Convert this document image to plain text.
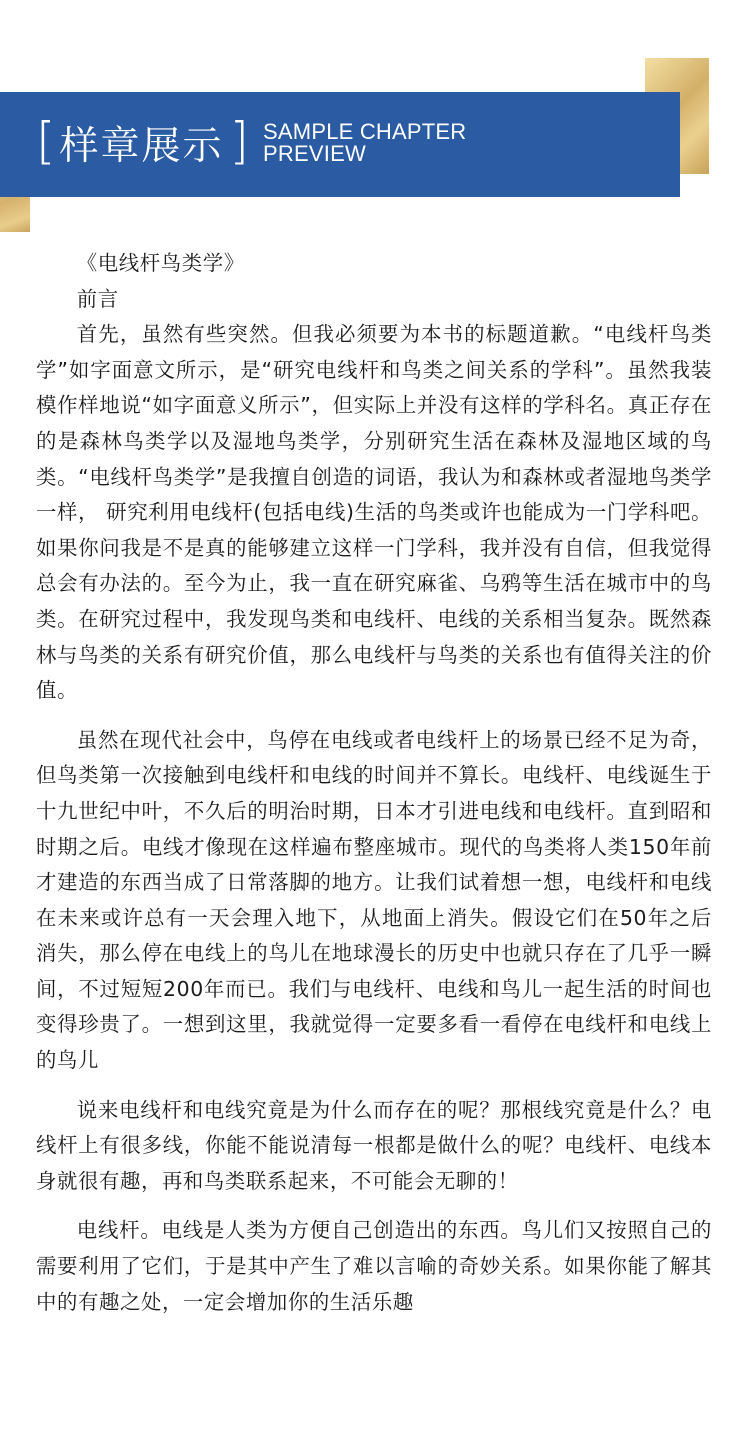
[ 样章展示 ] SAMPLE CHAPTER
PREVIEW

《电线杆鸟类学》

前言

首先，虽然有些突然。但我必须要为本书的标题道歉。“电线杆鸟类学”如字面意文所示，是“研究电线杆和鸟类之间关系的学科”。虽然我装模作样地说“如字面意义所示”，但实际上并没有这样的学科名。真正存在的是森林鸟类学以及湿地鸟类学，分别研究生活在森林及湿地区域的鸟类。“电线杆鸟类学”是我擅自创造的词语，我认为和森林或者湿地鸟类学一样， 研究利用电线杆(包括电线)生活的鸟类或许也能成为一门学科吧。如果你问我是不是真的能够建立这样一门学科，我并没有自信，但我觉得总会有办法的。至今为止，我一直在研究麻雀、乌鸦等生活在城市中的鸟类。在研究过程中，我发现鸟类和电线杆、电线的关系相当复杂。既然森林与鸟类的关系有研究价值，那么电线杆与鸟类的关系也有值得关注的价值。

虽然在现代社会中，鸟停在电线或者电线杆上的场景已经不足为奇，但鸟类第一次接触到电线杆和电线的时间并不算长。电线杆、电线诞生于十九世纪中叶，不久后的明治时期，日本才引进电线和电线杆。直到昭和时期之后。电线才像现在这样遍布整座城市。现代的鸟类将人类150年前才建造的东西当成了日常落脚的地方。让我们试着想一想，电线杆和电线在未来或许总有一天会理入地下，从地面上消失。假设它们在50年之后消失，那么停在电线上的鸟儿在地球漫长的历史中也就只存在了几乎一瞬间，不过短短200年而已。我们与电线杆、电线和鸟儿一起生活的时间也变得珍贵了。一想到这里，我就觉得一定要多看一看停在电线杆和电线上的鸟儿

说来电线杆和电线究竟是为什么而存在的呢？那根线究竟是什么？电线杆上有很多线，你能不能说清每一根都是做什么的呢？电线杆、电线本身就很有趣，再和鸟类联系起来，不可能会无聊的！

电线杆。电线是人类为方便自己创造出的东西。鸟儿们又按照自己的需要利用了它们，于是其中产生了难以言喻的奇妙关系。如果你能了解其中的有趣之处，一定会增加你的生活乐趣
